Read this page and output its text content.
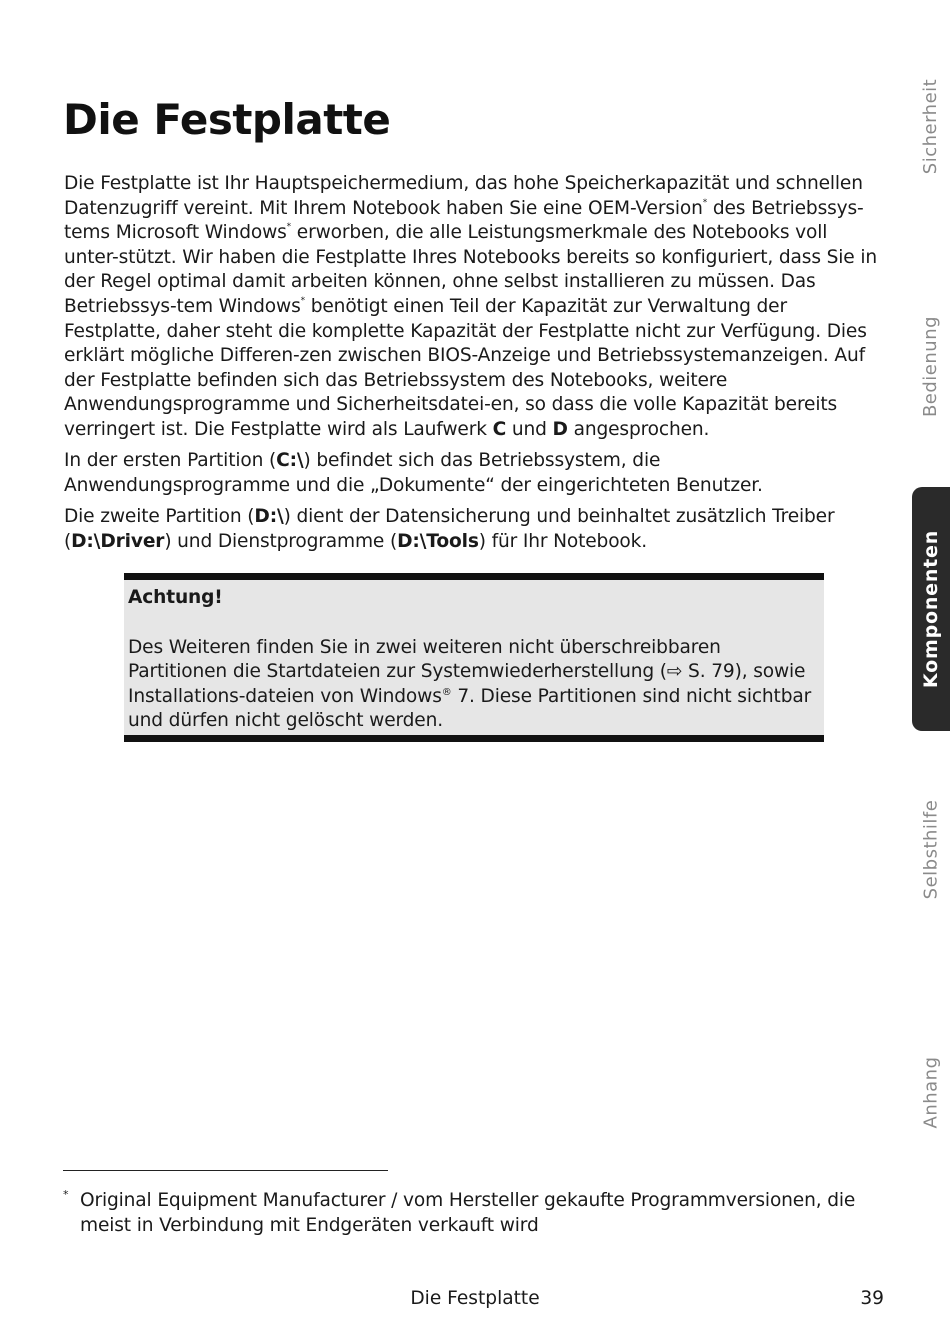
Die Festplatte

Die Festplatte ist Ihr Hauptspeichermedium, das hohe Speicherkapazität und schnellen Datenzugriff vereint. Mit Ihrem Notebook haben Sie eine OEM-Version* des Betriebssys-tems Microsoft Windows* erworben, die alle Leistungsmerkmale des Notebooks voll unter-stützt. Wir haben die Festplatte Ihres Notebooks bereits so konfiguriert, dass Sie in der Regel optimal damit arbeiten können, ohne selbst installieren zu müssen. Das Betriebssys-tem Windows* benötigt einen Teil der Kapazität zur Verwaltung der Festplatte, daher steht die komplette Kapazität der Festplatte nicht zur Verfügung. Dies erklärt mögliche Differen-zen zwischen BIOS-Anzeige und Betriebssystemanzeigen. Auf der Festplatte befinden sich das Betriebssystem des Notebooks, weitere Anwendungsprogramme und Sicherheitsdatei-en, so dass die volle Kapazität bereits verringert ist. Die Festplatte wird als Laufwerk C und D angesprochen.

In der ersten Partition (C:\) befindet sich das Betriebssystem, die Anwendungsprogramme und die „Dokumente“ der eingerichteten Benutzer.

Die zweite Partition (D:\) dient der Datensicherung und beinhaltet zusätzlich Treiber (D:\Driver) und Dienstprogramme (D:\Tools) für Ihr Notebook.

Achtung!

Des Weiteren finden Sie in zwei weiteren nicht überschreibbaren Partitionen die Startdateien zur Systemwiederherstellung (⇨ S. 79), sowie Installations-dateien von Windows® 7. Diese Partitionen sind nicht sichtbar und dürfen nicht gelöscht werden.

* Original Equipment Manufacturer / vom Hersteller gekaufte Programmversionen, die meist in Verbindung mit Endgeräten verkauft wird
Die Festplatte	39
Sicherheit
Bedienung
Komponenten
Selbsthilfe
Anhang
